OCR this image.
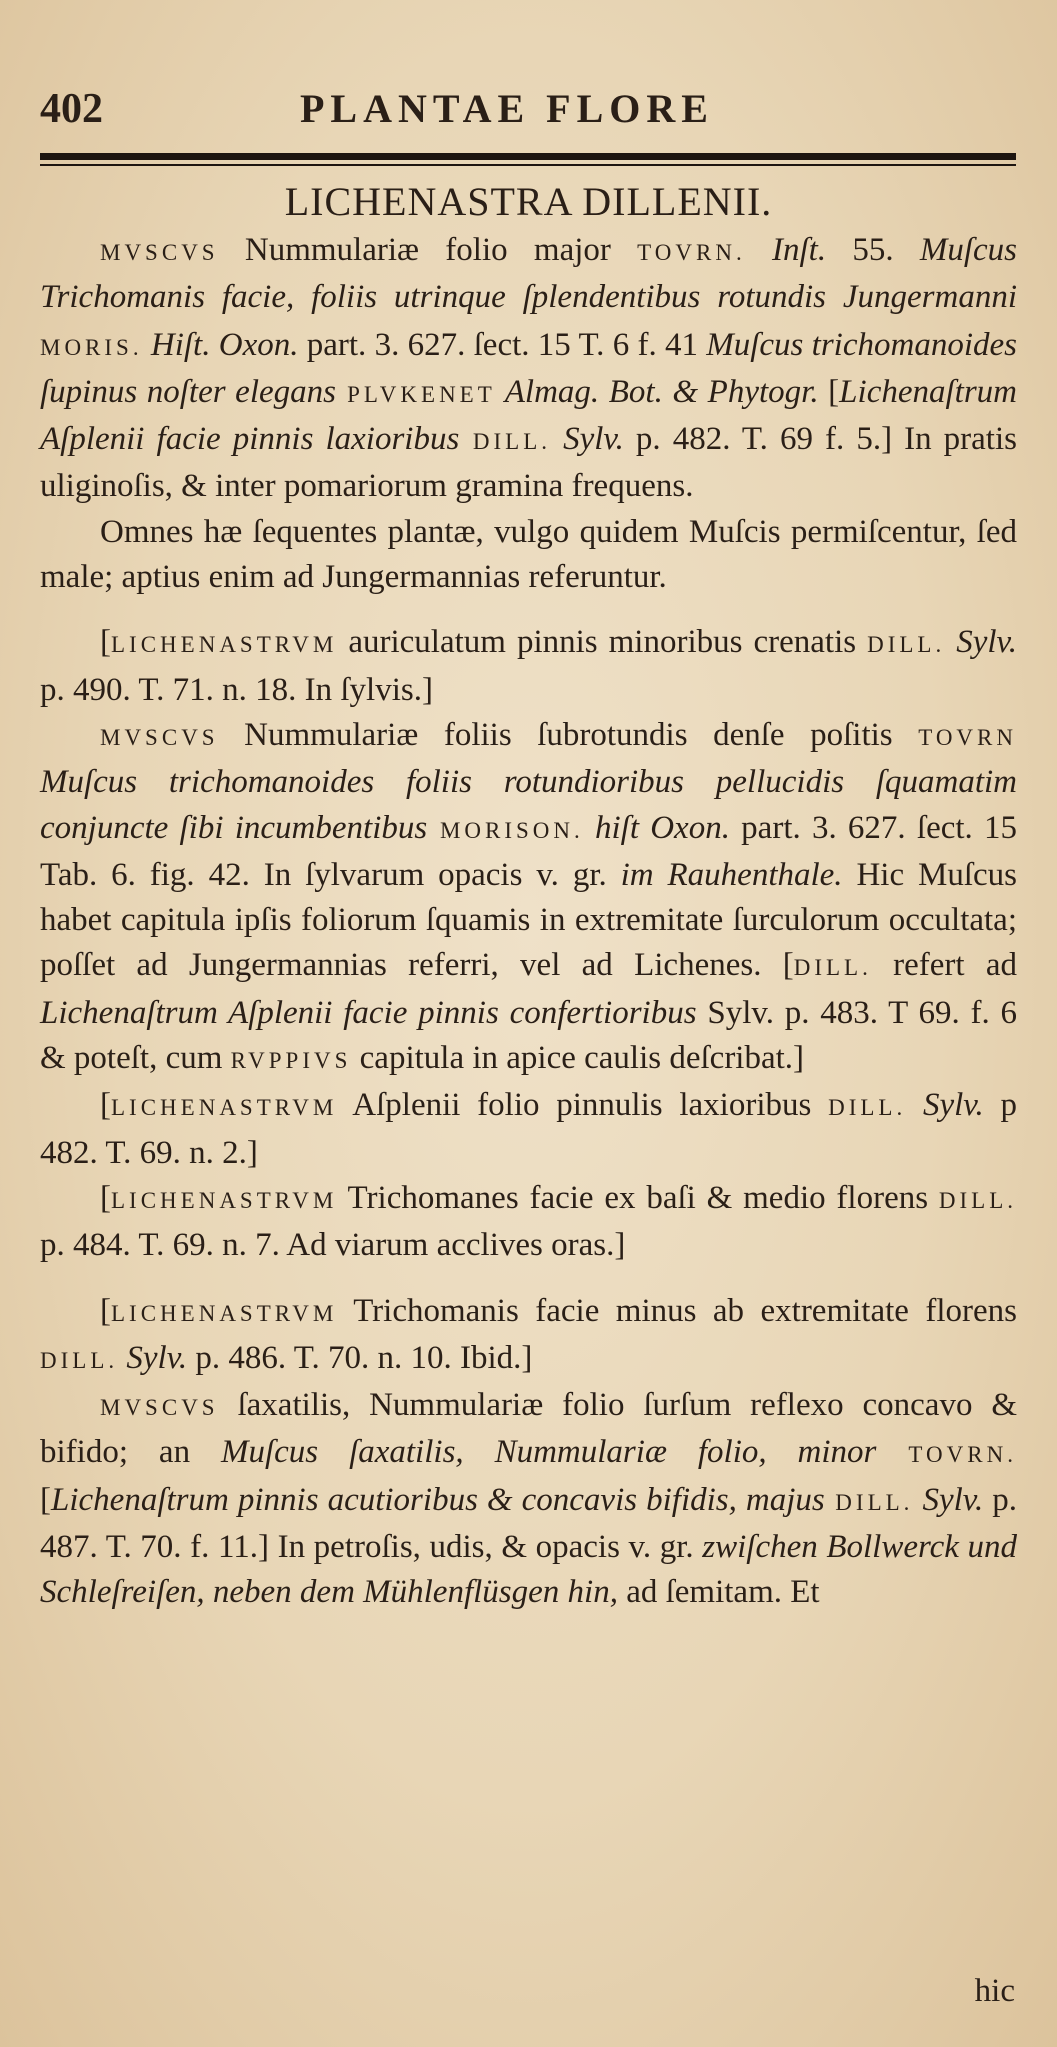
402	PLANTAE FLORE
LICHENASTRA DILLENII.

MVSCVS Nummulariæ folio major TOVRN. Inſt. 55. Muſcus Trichomanis facie, foliis utrinque ſplendentibus rotundis Jungermanni MORIS. Hiſt. Oxon. part. 3. 627. ſect. 15 T. 6 f. 41 Muſcus trichomanoides ſupinus noſter elegans PLVKENET Almag. Bot. & Phytogr. [Lichenaſtrum Aſplenii facie pinnis laxioribus DILL. Sylv. p. 482. T. 69 f. 5.] In pratis uliginoſis, & inter pomariorum gramina frequens.

Omnes hæ ſequentes plantæ, vulgo quidem Muſcis permiſcentur, ſed male; aptius enim ad Jungermannias referuntur.

[LICHENASTRVM auriculatum pinnis minoribus crenatis DILL. Sylv. p. 490. T. 71. n. 18. In ſylvis.]

MVSCVS Nummulariæ foliis ſubrotundis denſe poſitis TOVRN Muſcus trichomanoides foliis rotundioribus pellucidis ſquamatim conjuncte ſibi incumbentibus MORISON. hiſt Oxon. part. 3. 627. ſect. 15 Tab. 6. fig. 42. In ſylvarum opacis v. gr. im Rauhenthale. Hic Muſcus habet capitula ipſis foliorum ſquamis in extremitate ſurculorum occultata; poſſet ad Jungermannias referri, vel ad Lichenes. [DILL. refert ad Lichenaſtrum Aſplenii facie pinnis confertioribus Sylv. p. 483. T 69. f. 6 & poteſt, cum RVPPIVS capitula in apice caulis deſcribat.]

[LICHENASTRVM Aſplenii folio pinnulis laxioribus DILL. Sylv. p 482. T. 69. n. 2.]

[LICHENASTRVM Trichomanes facie ex baſi & medio florens DILL. p. 484. T. 69. n. 7. Ad viarum acclives oras.]

[LICHENASTRVM Trichomanis facie minus ab extremitate florens DILL. Sylv. p. 486. T. 70. n. 10. Ibid.]

MVSCVS ſaxatilis, Nummulariæ folio ſurſum reflexo concavo & bifido; an Muſcus ſaxatilis, Nummulariæ folio, minor TOVRN. [Lichenaſtrum pinnis acutioribus & concavis bifidis, majus DILL. Sylv. p. 487. T. 70. f. 11.] In petroſis, udis, & opacis v. gr. zwiſchen Bollwerck und Schleſreiſen, neben dem Mühlenflüsgen hin, ad ſemitam. Et

hic
